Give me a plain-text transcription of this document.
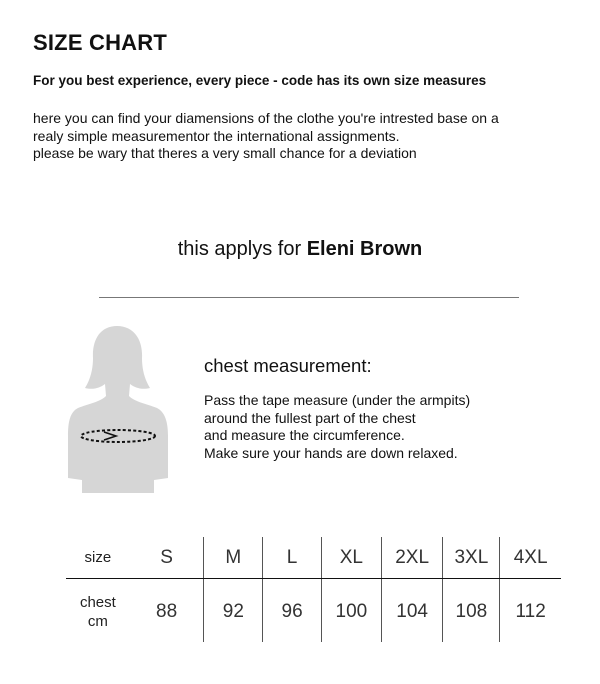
SIZE CHART
For you best experience, every piece - code has its own size measures
here you can find your diamensions of the clothe you're intrested base on a
realy simple measurementor the international assignments.
please be wary that theres a very small chance for a deviation
this applys for Eleni Brown
chest measurement:
Pass the tape measure (under the armpits)
around the fullest part of the chest
and measure the circumference.
Make sure your hands are down relaxed.
size	S	M	L	XL	2XL	3XL	4XL
chest
cm	88	92	96	100	104	108	112
